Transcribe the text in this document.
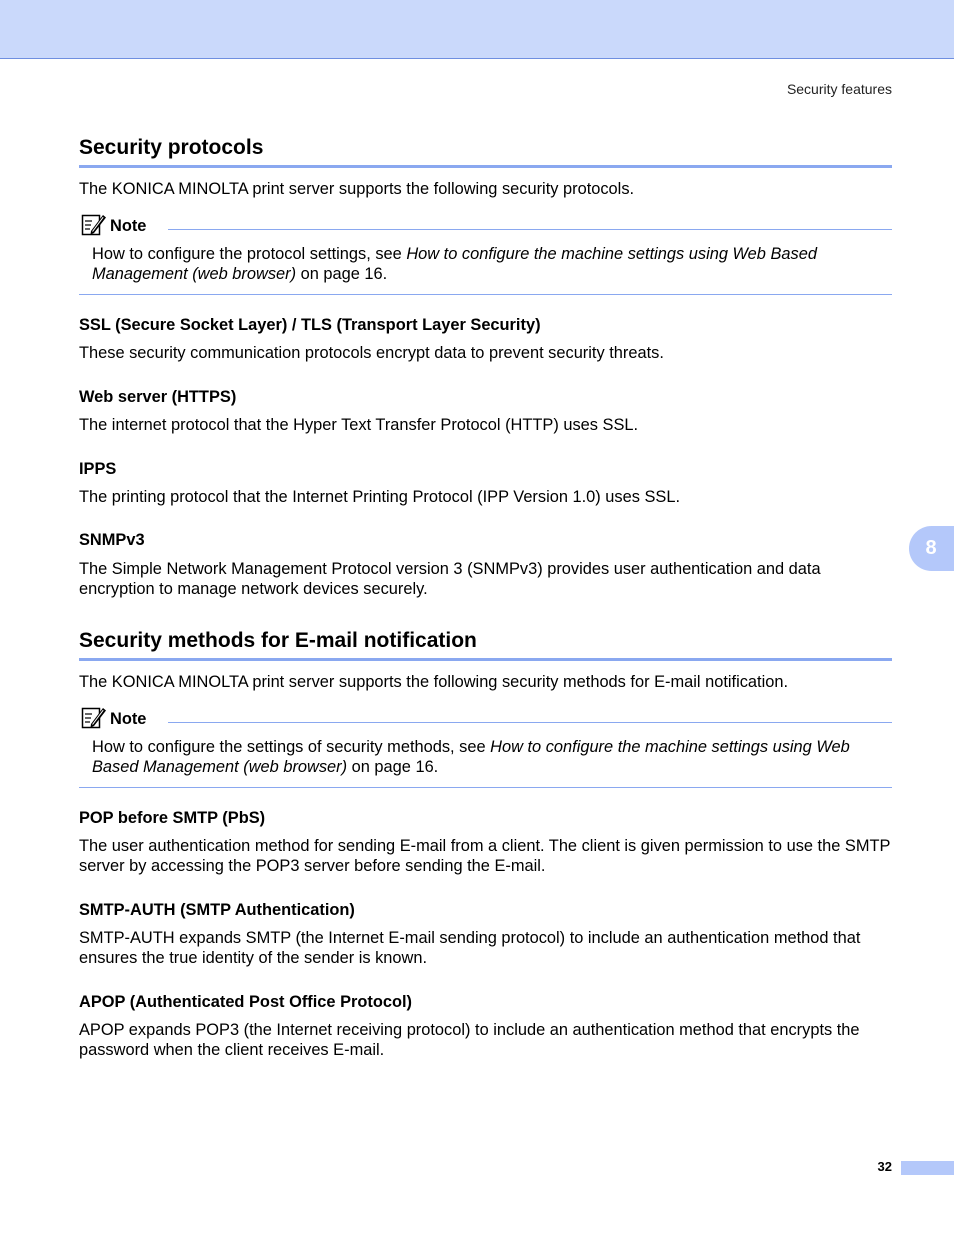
Security features
Security protocols
The KONICA MINOLTA print server supports the following security protocols.
Note
How to configure the protocol settings, see How to configure the machine settings using Web Based Management (web browser) on page 16.
SSL (Secure Socket Layer) / TLS (Transport Layer Security)
These security communication protocols encrypt data to prevent security threats.
Web server (HTTPS)
The internet protocol that the Hyper Text Transfer Protocol (HTTP) uses SSL.
IPPS
The printing protocol that the Internet Printing Protocol (IPP Version 1.0) uses SSL.
SNMPv3
The Simple Network Management Protocol version 3 (SNMPv3) provides user authentication and data encryption to manage network devices securely.
Security methods for E-mail notification
The KONICA MINOLTA print server supports the following security methods for E-mail notification.
Note
How to configure the settings of security methods, see How to configure the machine settings using Web Based Management (web browser) on page 16.
POP before SMTP (PbS)
The user authentication method for sending E-mail from a client. The client is given permission to use the SMTP server by accessing the POP3 server before sending the E-mail.
SMTP-AUTH (SMTP Authentication)
SMTP-AUTH expands SMTP (the Internet E-mail sending protocol) to include an authentication method that ensures the true identity of the sender is known.
APOP (Authenticated Post Office Protocol)
APOP expands POP3 (the Internet receiving protocol) to include an authentication method that encrypts the password when the client receives E-mail.
8
32
